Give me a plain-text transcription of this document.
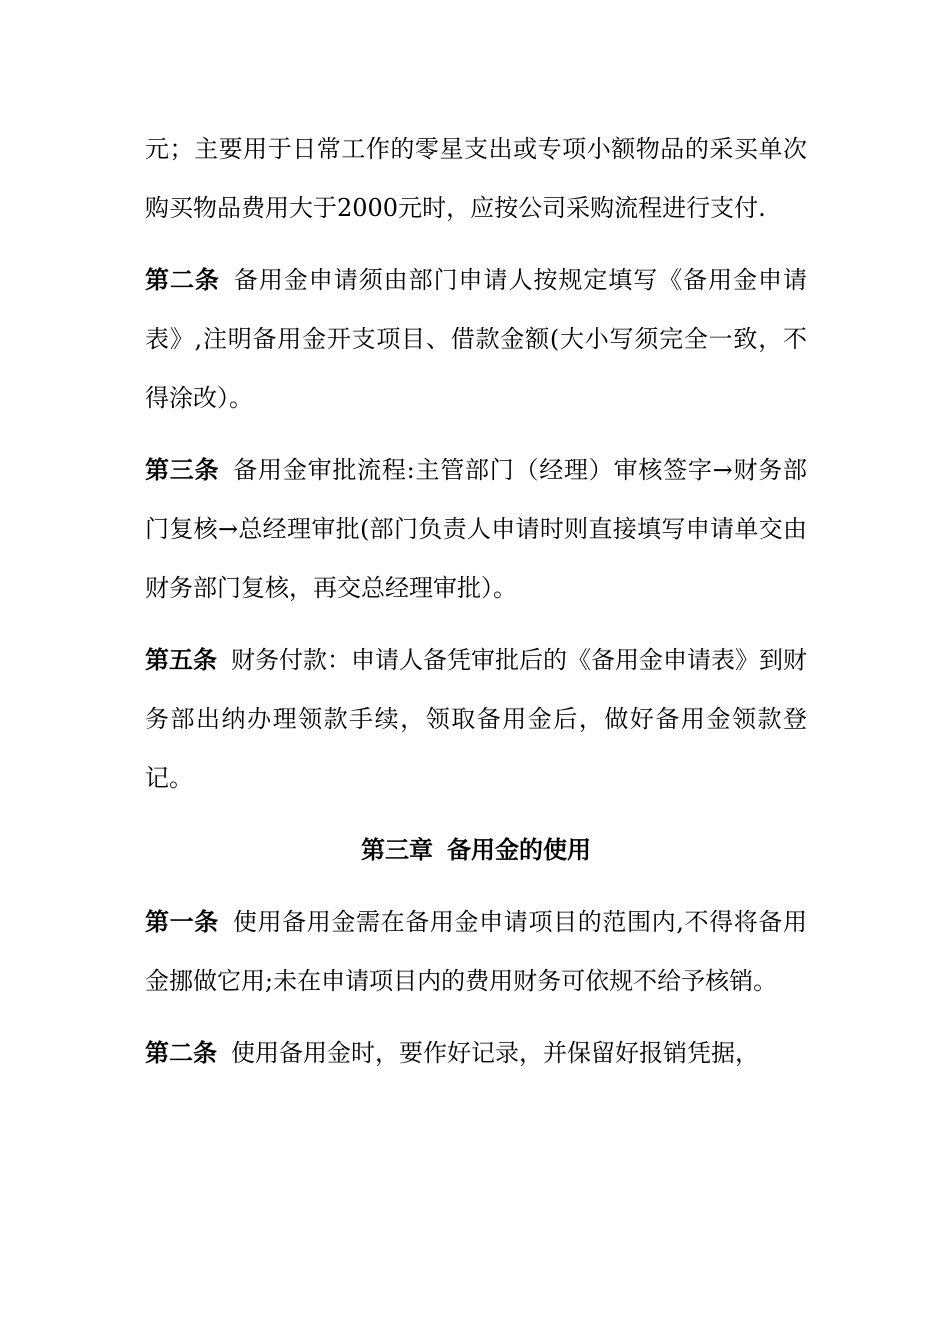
元；主要用于日常工作的零星支出或专项小额物品的采买单次购买物品费用大于2000元时，应按公司采购流程进行支付.

第二条 备用金申请须由部门申请人按规定填写《备用金申请表》,注明备用金开支项目、借款金额(大小写须完全一致，不得涂改）。

第三条 备用金审批流程:主管部门（经理）审核签字→财务部门复核→总经理审批(部门负责人申请时则直接填写申请单交由财务部门复核，再交总经理审批）。

第五条 财务付款：申请人备凭审批后的《备用金申请表》到财务部出纳办理领款手续，领取备用金后，做好备用金领款登记。

第三章 备用金的使用

第一条 使用备用金需在备用金申请项目的范围内,不得将备用金挪做它用;未在申请项目内的费用财务可依规不给予核销。

第二条 使用备用金时，要作好记录，并保留好报销凭据，
